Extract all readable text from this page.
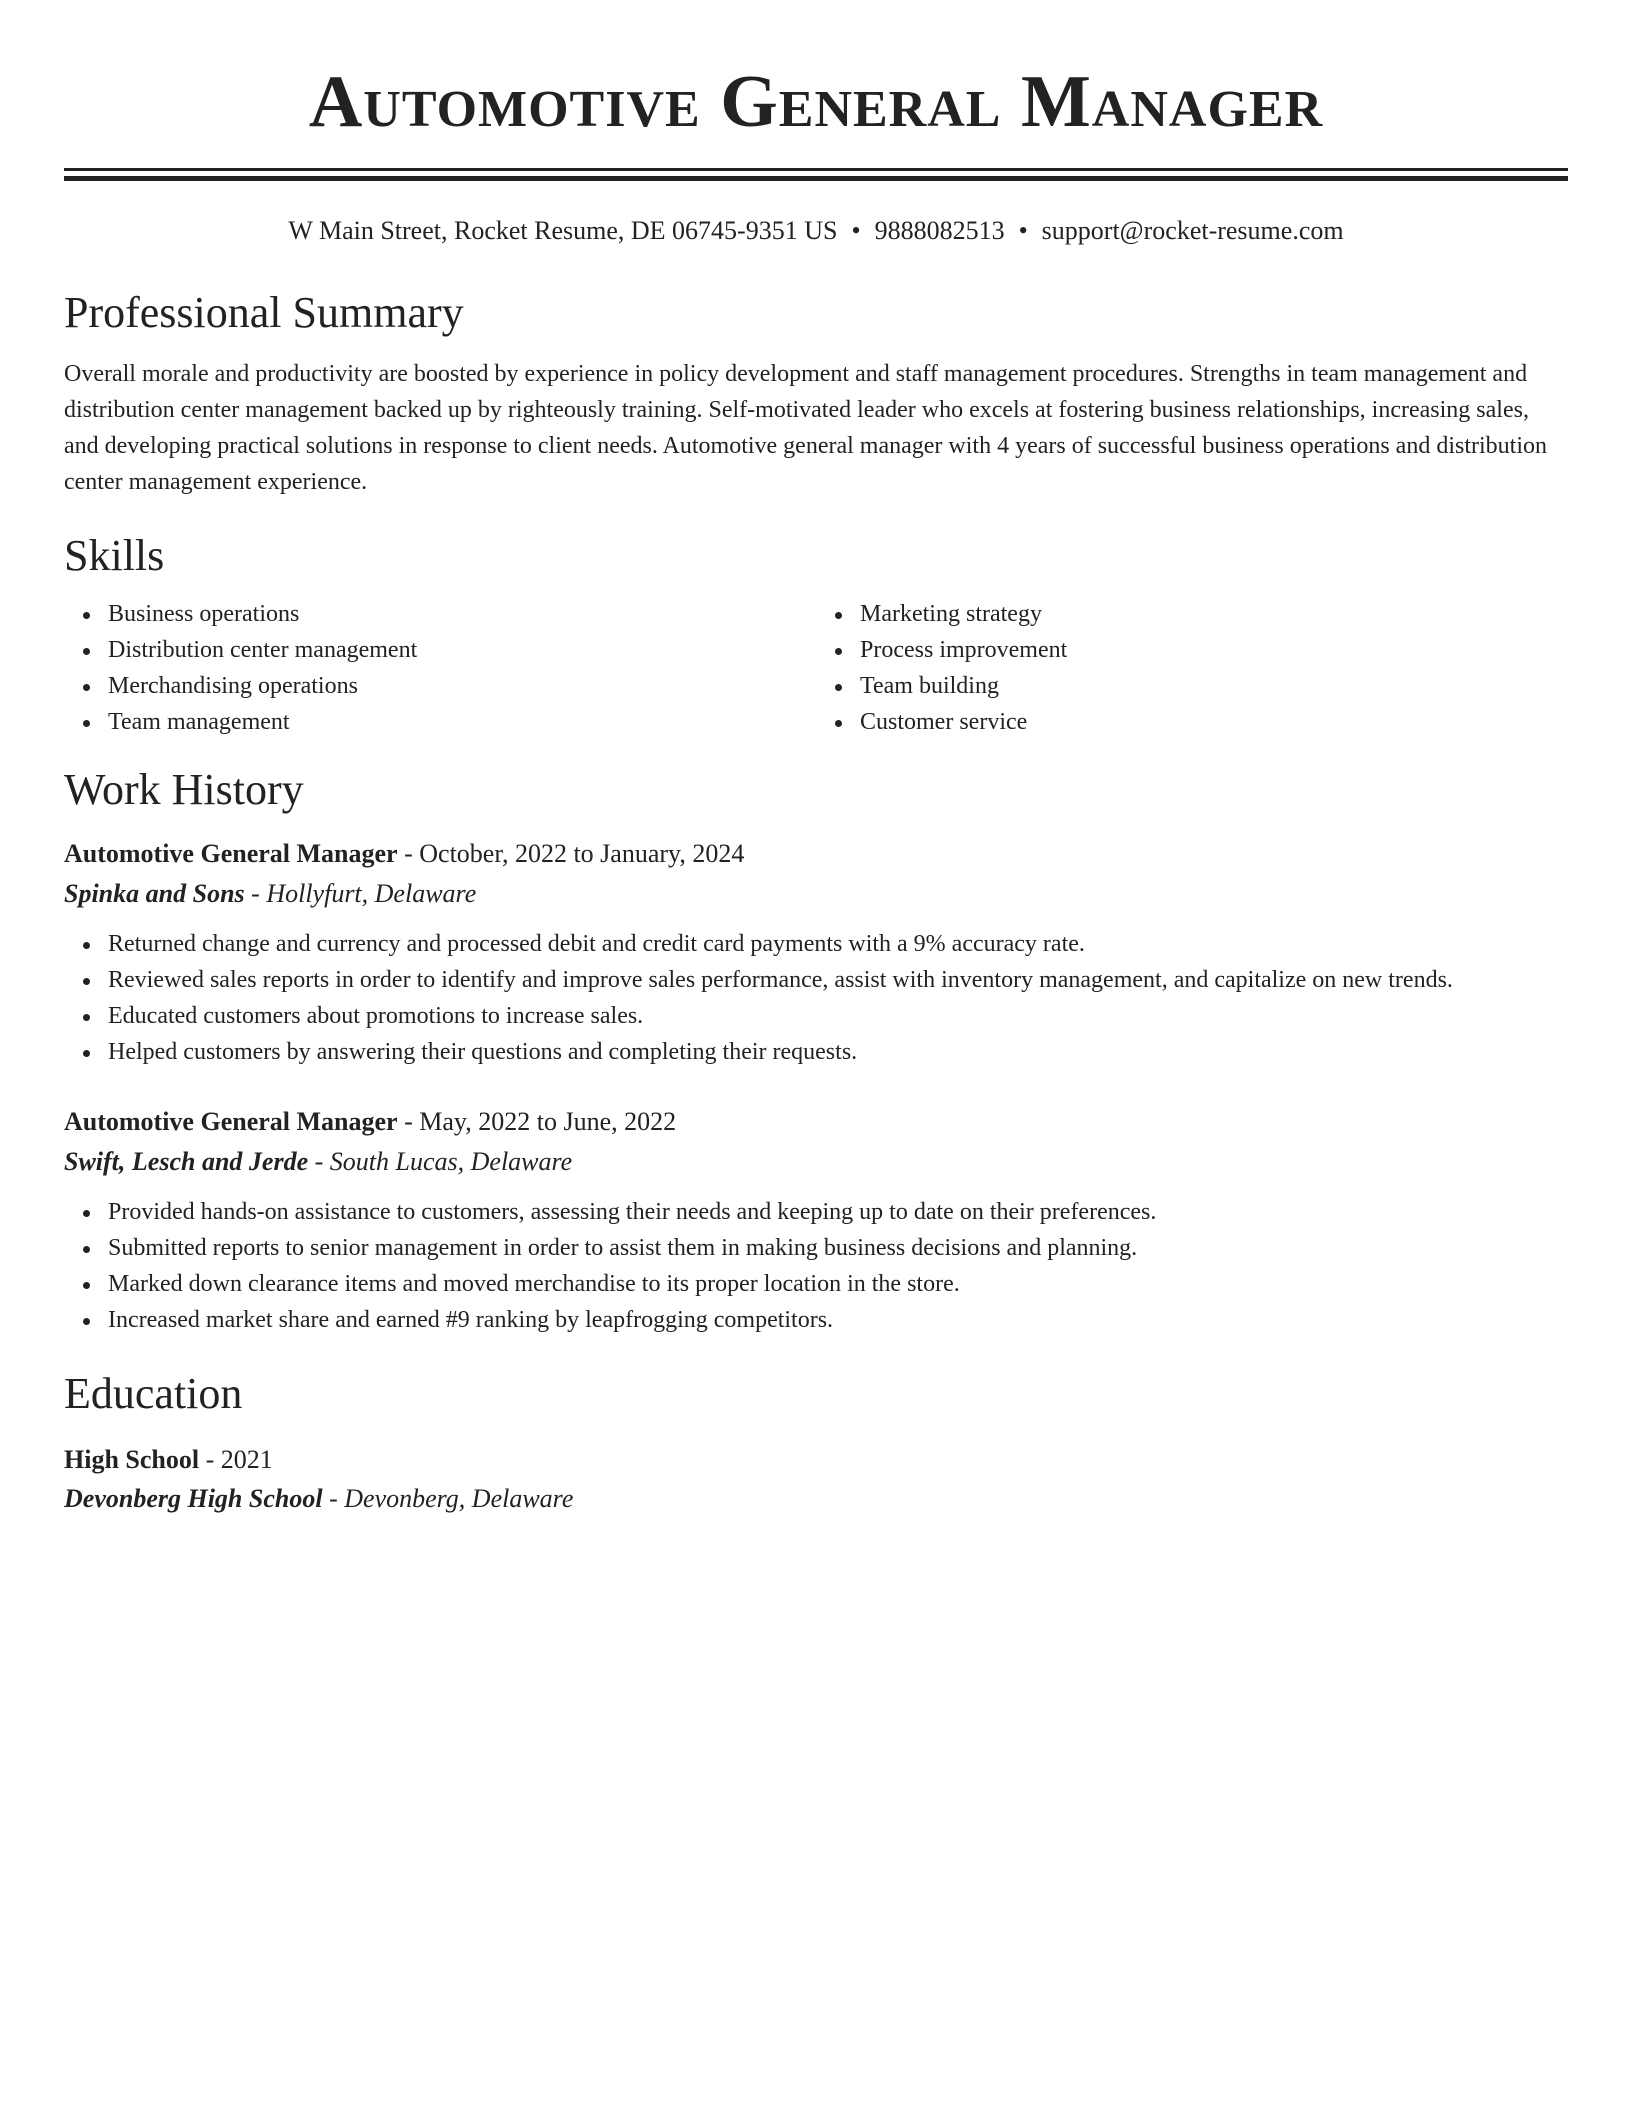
Automotive General Manager
W Main Street, Rocket Resume, DE 06745-9351 US • 9888082513 • support@rocket-resume.com
Professional Summary

Overall morale and productivity are boosted by experience in policy development and staff management procedures. Strengths in team management and distribution center management backed up by righteously training. Self-motivated leader who excels at fostering business relationships, increasing sales, and developing practical solutions in response to client needs. Automotive general manager with 4 years of successful business operations and distribution center management experience.

Skills
Business operations
Distribution center management
Merchandising operations
Team management
Marketing strategy
Process improvement
Team building
Customer service
Work History
Automotive General Manager - October, 2022 to January, 2024
Spinka and Sons - Hollyfurt, Delaware
Returned change and currency and processed debit and credit card payments with a 9% accuracy rate.
Reviewed sales reports in order to identify and improve sales performance, assist with inventory management, and capitalize on new trends.
Educated customers about promotions to increase sales.
Helped customers by answering their questions and completing their requests.
Automotive General Manager - May, 2022 to June, 2022
Swift, Lesch and Jerde - South Lucas, Delaware
Provided hands-on assistance to customers, assessing their needs and keeping up to date on their preferences.
Submitted reports to senior management in order to assist them in making business decisions and planning.
Marked down clearance items and moved merchandise to its proper location in the store.
Increased market share and earned #9 ranking by leapfrogging competitors.
Education
High School - 2021
Devonberg High School - Devonberg, Delaware
